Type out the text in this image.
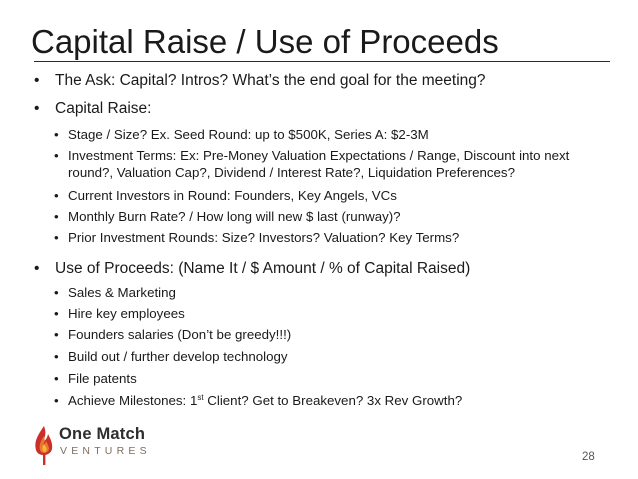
Capital Raise / Use of Proceeds
• The Ask: Capital? Intros? What’s the end goal for the meeting?
• Capital Raise:
• Stage / Size? Ex. Seed Round: up to $500K, Series A: $2-3M
• Investment Terms: Ex: Pre-Money Valuation Expectations / Range, Discount into next
round?, Valuation Cap?, Dividend / Interest Rate?, Liquidation Preferences?
• Current Investors in Round: Founders, Key Angels, VCs
• Monthly Burn Rate? / How long will new $ last (runway)?
• Prior Investment Rounds: Size? Investors? Valuation? Key Terms?
• Use of Proceeds: (Name It / $ Amount / % of Capital Raised)
• Sales & Marketing
• Hire key employees
• Founders salaries (Don’t be greedy!!!)
• Build out / further develop technology
• File patents
• Achieve Milestones: 1st Client? Get to Breakeven? 3x Rev Growth?
One Match
VENTURES	28
